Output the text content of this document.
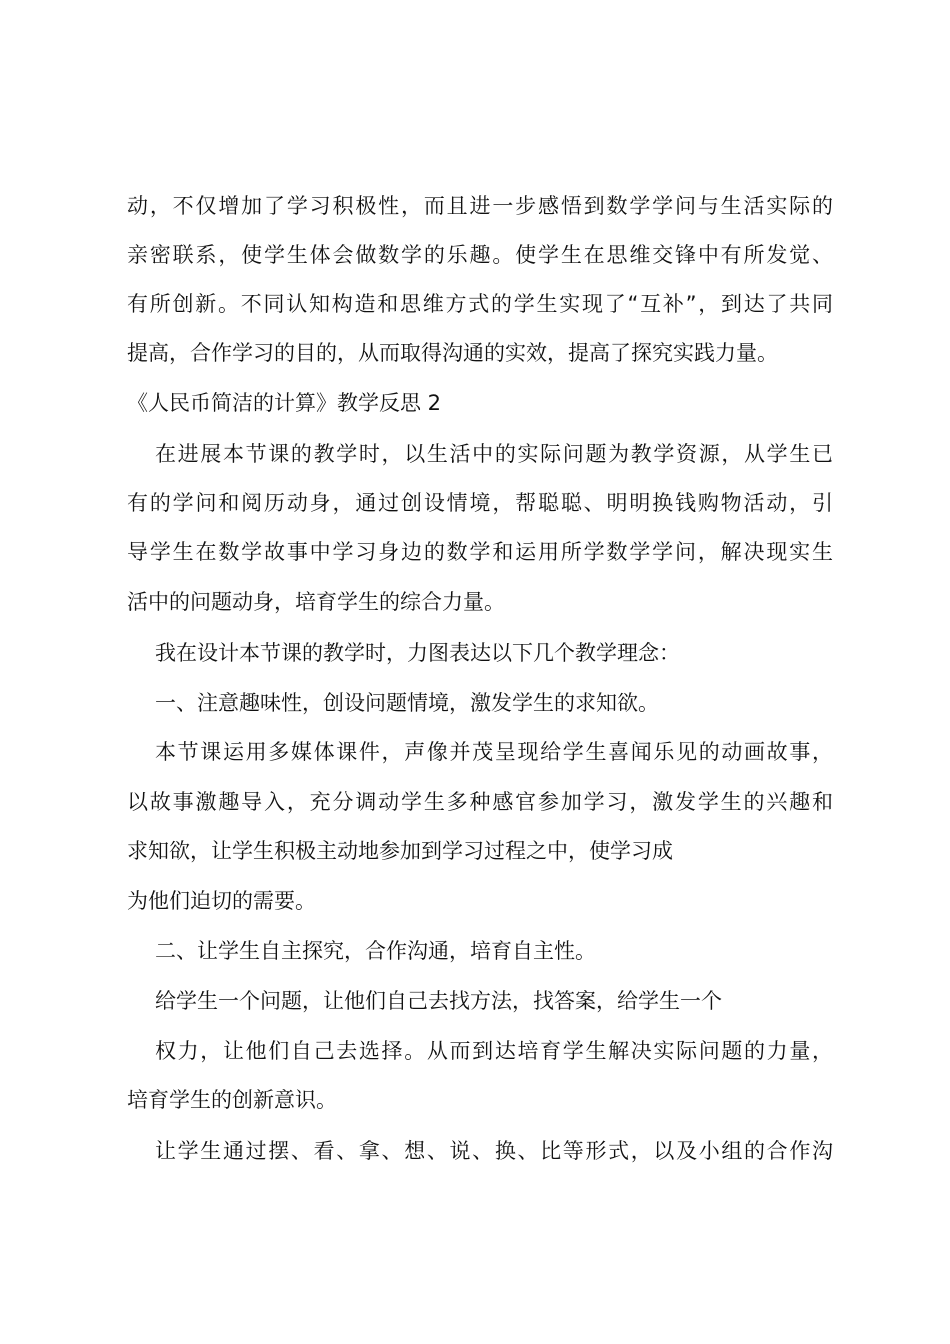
动，不仅增加了学习积极性，而且进一步感悟到数学学问与生活实际的
亲密联系，使学生体会做数学的乐趣。使学生在思维交锋中有所发觉、
有所创新。不同认知构造和思维方式的学生实现了“互补”，到达了共同
提高，合作学习的目的，从而取得沟通的实效，提高了探究实践力量。
《人民币简洁的计算》教学反思 2
在进展本节课的教学时，以生活中的实际问题为教学资源，从学生已
有的学问和阅历动身，通过创设情境，帮聪聪、明明换钱购物活动，引
导学生在数学故事中学习身边的数学和运用所学数学学问，解决现实生
活中的问题动身，培育学生的综合力量。
我在设计本节课的教学时，力图表达以下几个教学理念：
一、注意趣味性，创设问题情境，激发学生的求知欲。
本节课运用多媒体课件，声像并茂呈现给学生喜闻乐见的动画故事，
以故事激趣导入，充分调动学生多种感官参加学习，激发学生的兴趣和
求知欲，让学生积极主动地参加到学习过程之中，使学习成
为他们迫切的需要。
二、让学生自主探究，合作沟通，培育自主性。
给学生一个问题，让他们自己去找方法，找答案，给学生一个
权力，让他们自己去选择。从而到达培育学生解决实际问题的力量，
培育学生的创新意识。
让学生通过摆、看、拿、想、说、换、比等形式，以及小组的合作沟
